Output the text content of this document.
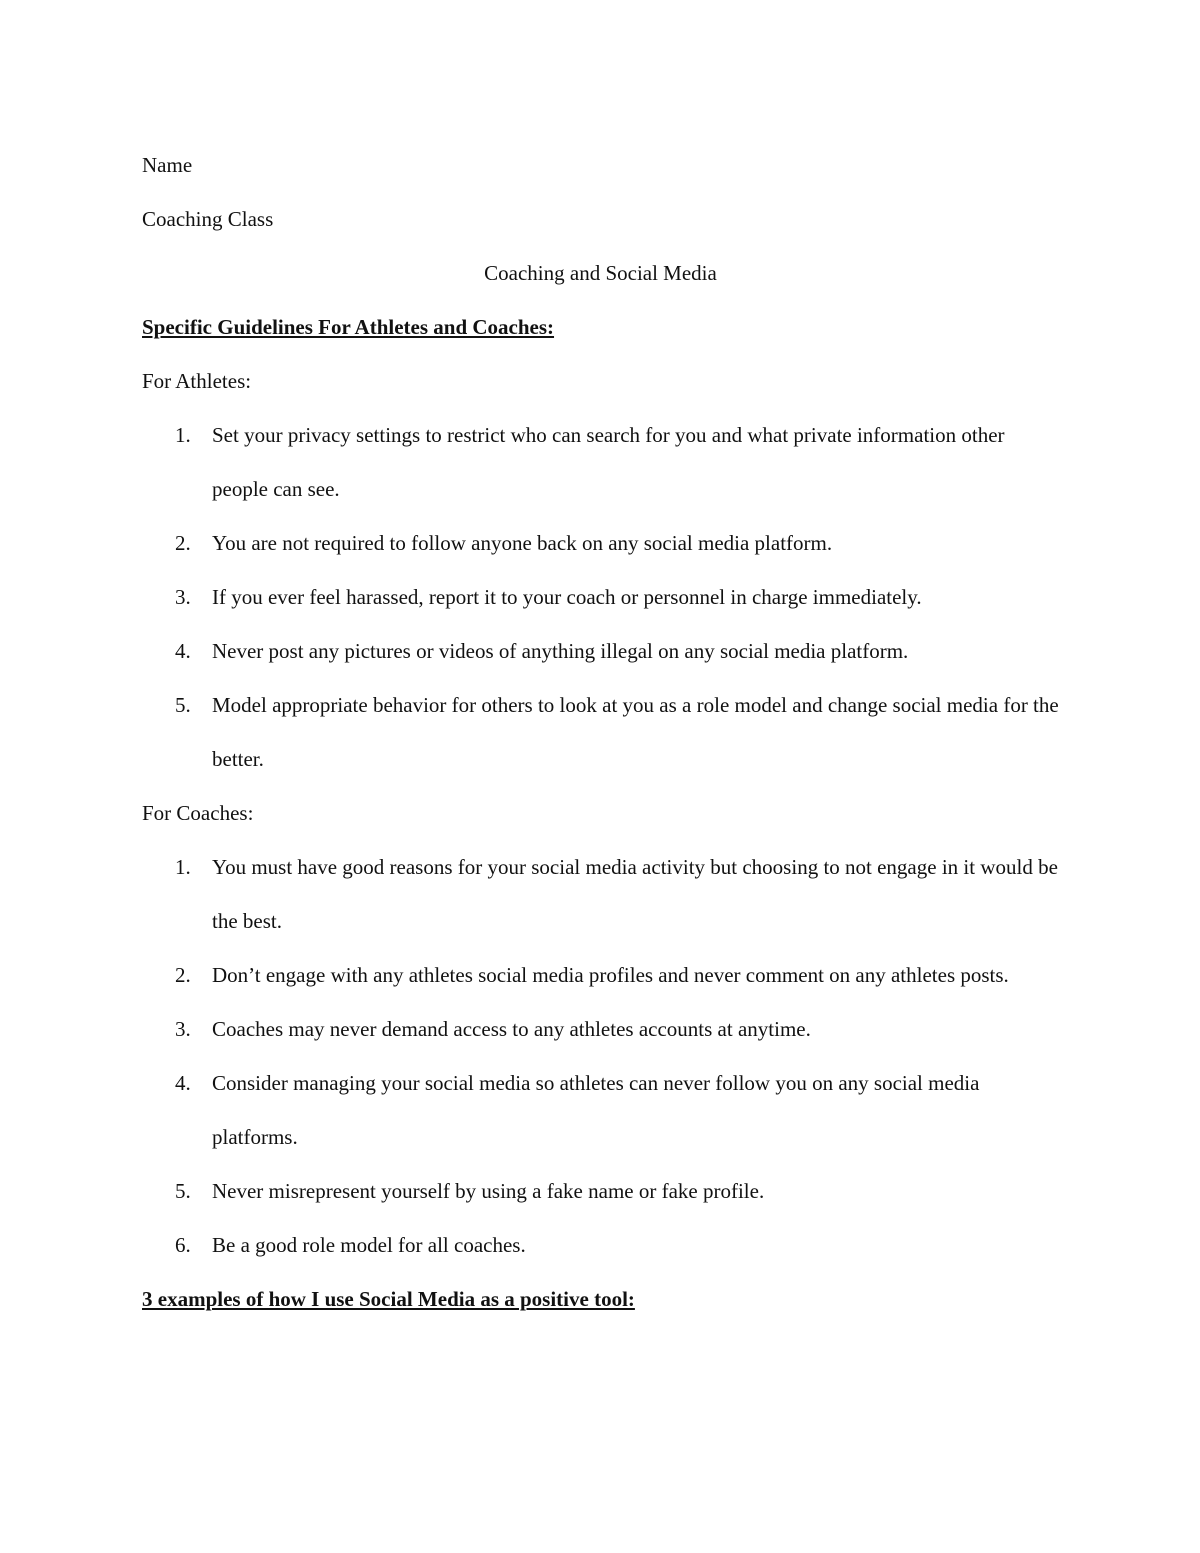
Name

Coaching Class

Coaching and Social Media

Specific Guidelines For Athletes and Coaches:

For Athletes:

1. Set your privacy settings to restrict who can search for you and what private information other people can see.
2. You are not required to follow anyone back on any social media platform.
3. If you ever feel harassed, report it to your coach or personnel in charge immediately.
4. Never post any pictures or videos of anything illegal on any social media platform.
5. Model appropriate behavior for others to look at you as a role model and change social media for the better.

For Coaches:

1. You must have good reasons for your social media activity but choosing to not engage in it would be the best.
2. Don’t engage with any athletes social media profiles and never comment on any athletes posts.
3. Coaches may never demand access to any athletes accounts at anytime.
4. Consider managing your social media so athletes can never follow you on any social media platforms.
5. Never misrepresent yourself by using a fake name or fake profile.
6. Be a good role model for all coaches.

3 examples of how I use Social Media as a positive tool:
